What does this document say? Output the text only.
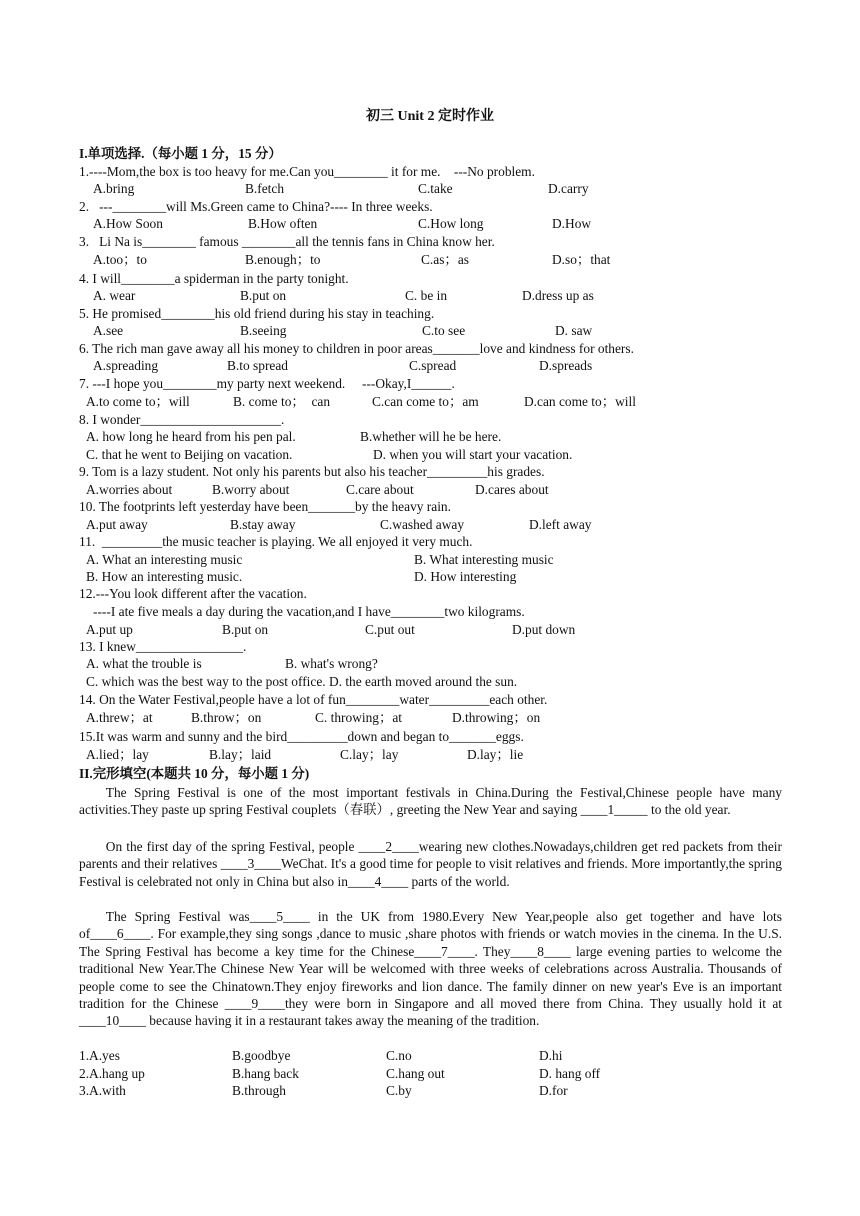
初三 Unit 2 定时作业
I.单项选择.（每小题 1 分，15 分）
1.----Mom,the box is too heavy for me.Can you________ it for me.    ---No problem.
A.bring	B.fetch	C.take	D.carry
2.   ---________will Ms.Green came to China?---- In three weeks.
A.How Soon	B.How often	C.How long	D.How
3.   Li Na is________ famous ________all the tennis fans in China know her.
A.too；to	B.enough；to	C.as；as	D.so；that
4. I will________a spiderman in the party tonight.
A. wear	B.put on	C. be in	D.dress up as
5. He promised________his old friend during his stay in teaching.
A.see	B.seeing	C.to see	D. saw
6. The rich man gave away all his money to children in poor areas_______love and kindness for others.
A.spreading	B.to spread	C.spread	D.spreads
7. ---I hope you________my party next weekend.     ---Okay,I______.
A.to come to；will	B. come to；  can	C.can come to；am	D.can come to；will
8. I wonder_____________________.
A. how long he heard from his pen pal.	B.whether will he be here.
C. that he went to Beijing on vacation.	D. when you will start your vacation.
9. Tom is a lazy student. Not only his parents but also his teacher_________his grades.
A.worries about	B.worry about	C.care about	D.cares about
10. The footprints left yesterday have been_______by the heavy rain.
A.put away	B.stay away	C.washed away	D.left away
11.  _________the music teacher is playing. We all enjoyed it very much.
A. What an interesting music	B. What interesting music
B. How an interesting music.	D. How interesting
12.---You look different after the vacation.
----I ate five meals a day during the vacation,and I have________two kilograms.
A.put up	B.put on	C.put out	D.put down
13. I knew________________.
A. what the trouble is	B. what's wrong?
C. which was the best way to the post office. D. the earth moved around the sun.
14. On the Water Festival,people have a lot of fun________water_________each other.
A.threw；at	B.throw；on	C. throwing；at	D.throwing；on
15.It was warm and sunny and the bird_________down and began to_______eggs.
A.lied；lay	B.lay；laid	C.lay；lay	D.lay；lie
II.完形填空(本题共 10 分，每小题 1 分)
The Spring Festival is one of the most important festivals in China.During the Festival,Chinese people have many activities.They paste up spring Festival couplets（春联）, greeting the New Year and saying ____1_____ to the old year.
On the first day of the spring Festival, people ____2____wearing new clothes.Nowadays,children get red packets from their parents and their relatives ____3____WeChat. It's a good time for people to visit relatives and friends. More importantly,the spring Festival is celebrated not only in China but also in____4____ parts of the world.
The Spring Festival was____5____ in the UK from 1980.Every New Year,people also get together and have lots of____6____. For example,they sing songs ,dance to music ,share photos with friends or watch movies in the cinema. In the U.S. The Spring Festival has become a key time for the Chinese____7____. They____8____ large evening parties to welcome the traditional New Year.The Chinese New Year will be welcomed with three weeks of celebrations across Australia. Thousands of people come to see the Chinatown.They enjoy fireworks and lion dance. The family dinner on new year's Eve is an important tradition for the Chinese ____9____they were born in Singapore and all moved there from China. They usually hold it at ____10____ because having it in a restaurant takes away the meaning of the tradition.
1.A.yes	B.goodbye	C.no	D.hi
2.A.hang up	B.hang back	C.hang out	D. hang off
3.A.with	B.through	C.by	D.for
